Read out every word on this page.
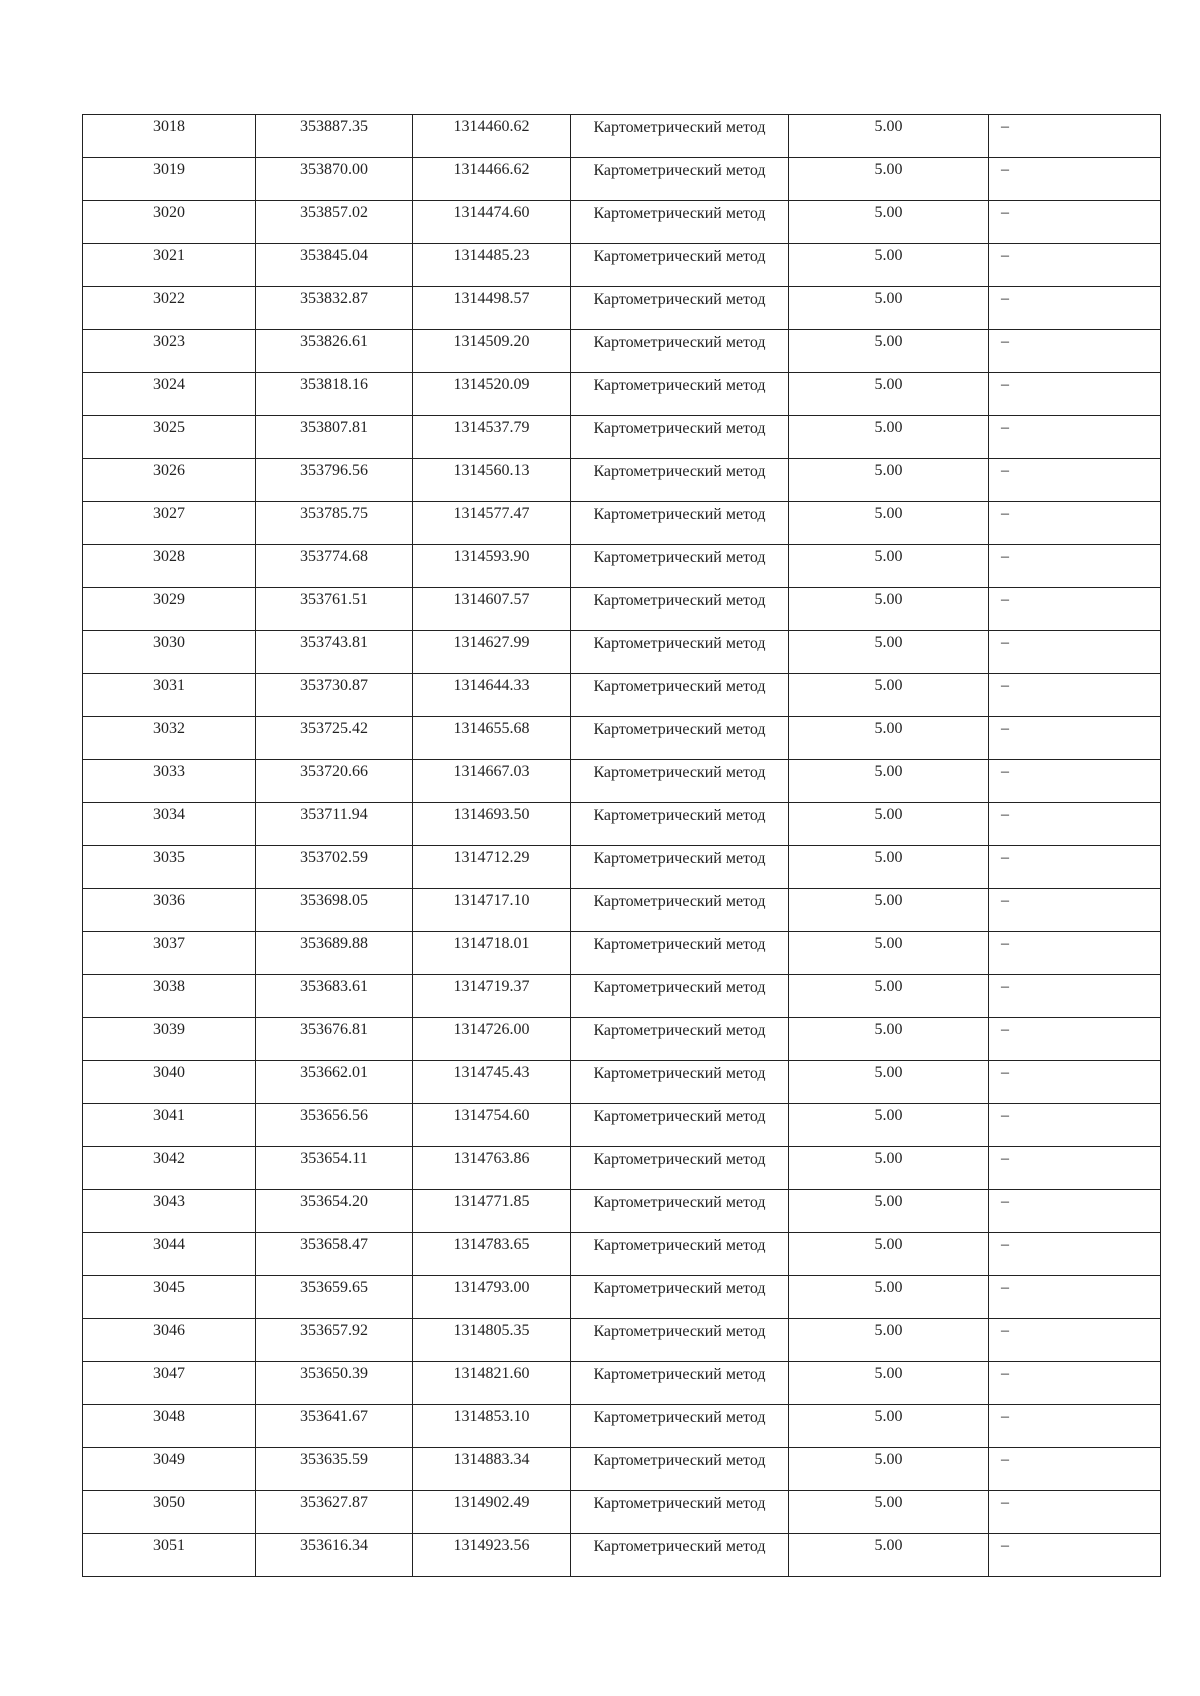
3018	353887.35	1314460.62	Картометрический метод	5.00	–
3019	353870.00	1314466.62	Картометрический метод	5.00	–
3020	353857.02	1314474.60	Картометрический метод	5.00	–
3021	353845.04	1314485.23	Картометрический метод	5.00	–
3022	353832.87	1314498.57	Картометрический метод	5.00	–
3023	353826.61	1314509.20	Картометрический метод	5.00	–
3024	353818.16	1314520.09	Картометрический метод	5.00	–
3025	353807.81	1314537.79	Картометрический метод	5.00	–
3026	353796.56	1314560.13	Картометрический метод	5.00	–
3027	353785.75	1314577.47	Картометрический метод	5.00	–
3028	353774.68	1314593.90	Картометрический метод	5.00	–
3029	353761.51	1314607.57	Картометрический метод	5.00	–
3030	353743.81	1314627.99	Картометрический метод	5.00	–
3031	353730.87	1314644.33	Картометрический метод	5.00	–
3032	353725.42	1314655.68	Картометрический метод	5.00	–
3033	353720.66	1314667.03	Картометрический метод	5.00	–
3034	353711.94	1314693.50	Картометрический метод	5.00	–
3035	353702.59	1314712.29	Картометрический метод	5.00	–
3036	353698.05	1314717.10	Картометрический метод	5.00	–
3037	353689.88	1314718.01	Картометрический метод	5.00	–
3038	353683.61	1314719.37	Картометрический метод	5.00	–
3039	353676.81	1314726.00	Картометрический метод	5.00	–
3040	353662.01	1314745.43	Картометрический метод	5.00	–
3041	353656.56	1314754.60	Картометрический метод	5.00	–
3042	353654.11	1314763.86	Картометрический метод	5.00	–
3043	353654.20	1314771.85	Картометрический метод	5.00	–
3044	353658.47	1314783.65	Картометрический метод	5.00	–
3045	353659.65	1314793.00	Картометрический метод	5.00	–
3046	353657.92	1314805.35	Картометрический метод	5.00	–
3047	353650.39	1314821.60	Картометрический метод	5.00	–
3048	353641.67	1314853.10	Картометрический метод	5.00	–
3049	353635.59	1314883.34	Картометрический метод	5.00	–
3050	353627.87	1314902.49	Картометрический метод	5.00	–
3051	353616.34	1314923.56	Картометрический метод	5.00	–
